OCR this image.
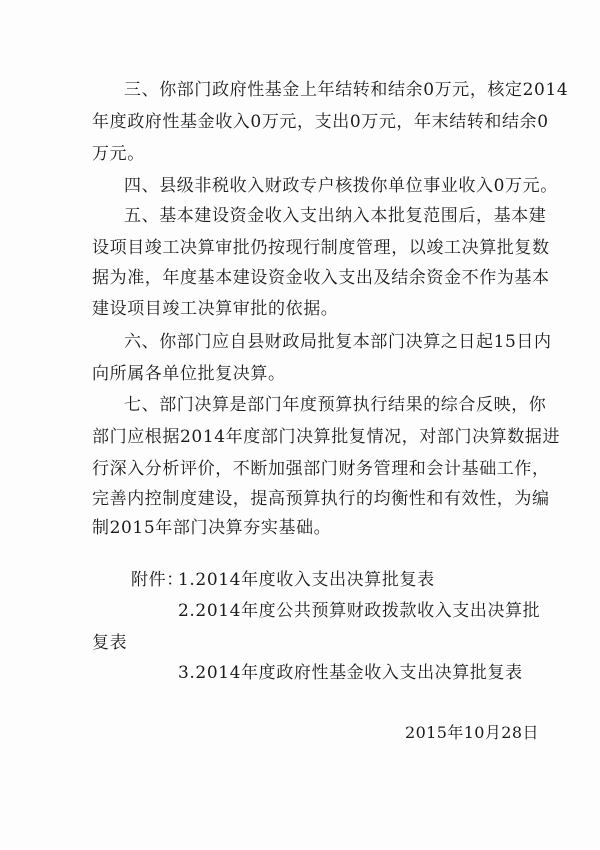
三、你部门政府性基金上年结转和结余0万元，核定2014
年度政府性基金收入0万元，支出0万元，年末结转和结余0
万元。
四、县级非税收入财政专户核拨你单位事业收入0万元。
五、基本建设资金收入支出纳入本批复范围后，基本建
设项目竣工决算审批仍按现行制度管理，以竣工决算批复数
据为准，年度基本建设资金收入支出及结余资金不作为基本
建设项目竣工决算审批的依据。
六、你部门应自县财政局批复本部门决算之日起15日内
向所属各单位批复决算。
七、部门决算是部门年度预算执行结果的综合反映，你
部门应根据2014年度部门决算批复情况，对部门决算数据进
行深入分析评价，不断加强部门财务管理和会计基础工作，
完善内控制度建设，提高预算执行的均衡性和有效性，为编
制2015年部门决算夯实基础。
附件：
1.2014年度收入支出决算批复表
2.2014年度公共预算财政拨款收入支出决算批
复表
3.2014年度政府性基金收入支出决算批复表
2015年10月28日
